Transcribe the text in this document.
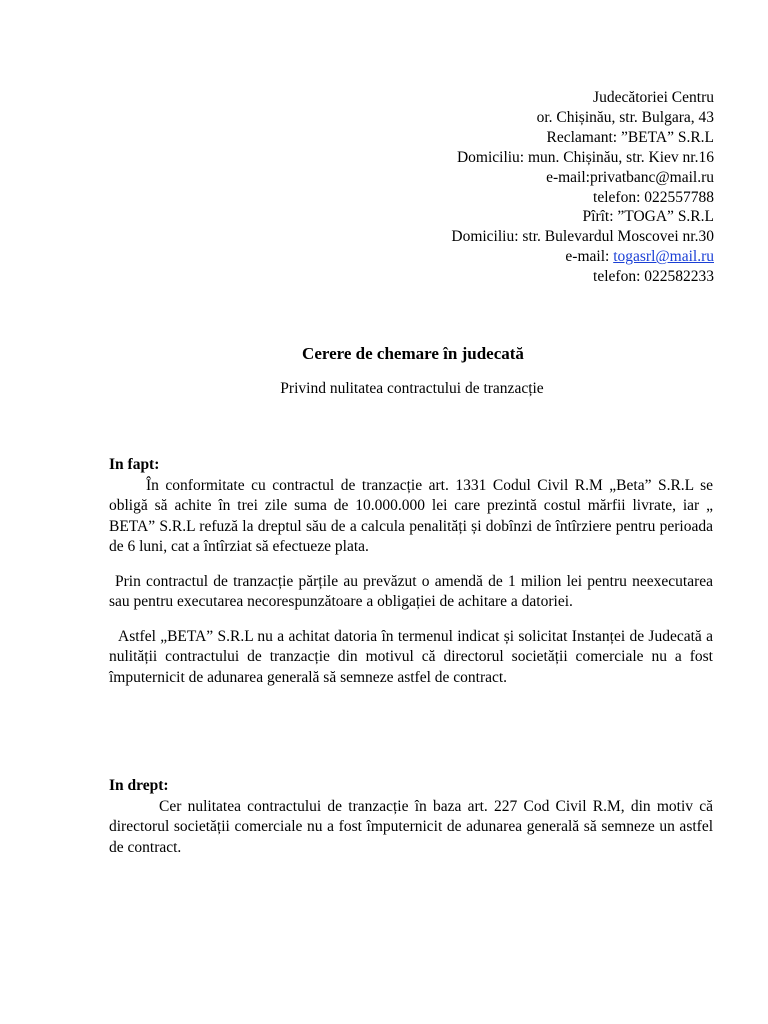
Judecătoriei Centru
or. Chișinău, str. Bulgara, 43
Reclamant: ”BETA” S.R.L
Domiciliu: mun. Chișinău, str. Kiev nr.16
e-mail:privatbanc@mail.ru
telefon: 022557788
Pîrît: ”TOGA” S.R.L
Domiciliu: str. Bulevardul Moscovei nr.30
e-mail: togasrl@mail.ru
telefon: 022582233
Cerere de chemare în judecată
Privind nulitatea contractului de tranzacție
In fapt:

În conformitate cu contractul de tranzacție art. 1331 Codul Civil R.M „Beta” S.R.L se obligă să achite în trei zile suma de 10.000.000 lei care prezintă costul mărfii livrate, iar „ BETA” S.R.L refuză la dreptul său de a calcula penalități și dobînzi de întîrziere pentru perioada de 6 luni, cat a întîrziat să efectueze plata.

Prin contractul de tranzacție părțile au prevăzut o amendă de 1 milion lei pentru neexecutarea sau pentru executarea necorespunzătoare a obligației de achitare a datoriei.

Astfel „BETA” S.R.L nu a achitat datoria în termenul indicat și solicitat Instanței de Judecată a nulității contractului de tranzacție din motivul că directorul societății comerciale nu a fost împuternicit de adunarea generală să semneze astfel de contract.

In drept:

Cer nulitatea contractului de tranzacție în baza art. 227 Cod Civil R.M, din motiv că directorul societății comerciale nu a fost împuternicit de adunarea generală să semneze un astfel de contract.
